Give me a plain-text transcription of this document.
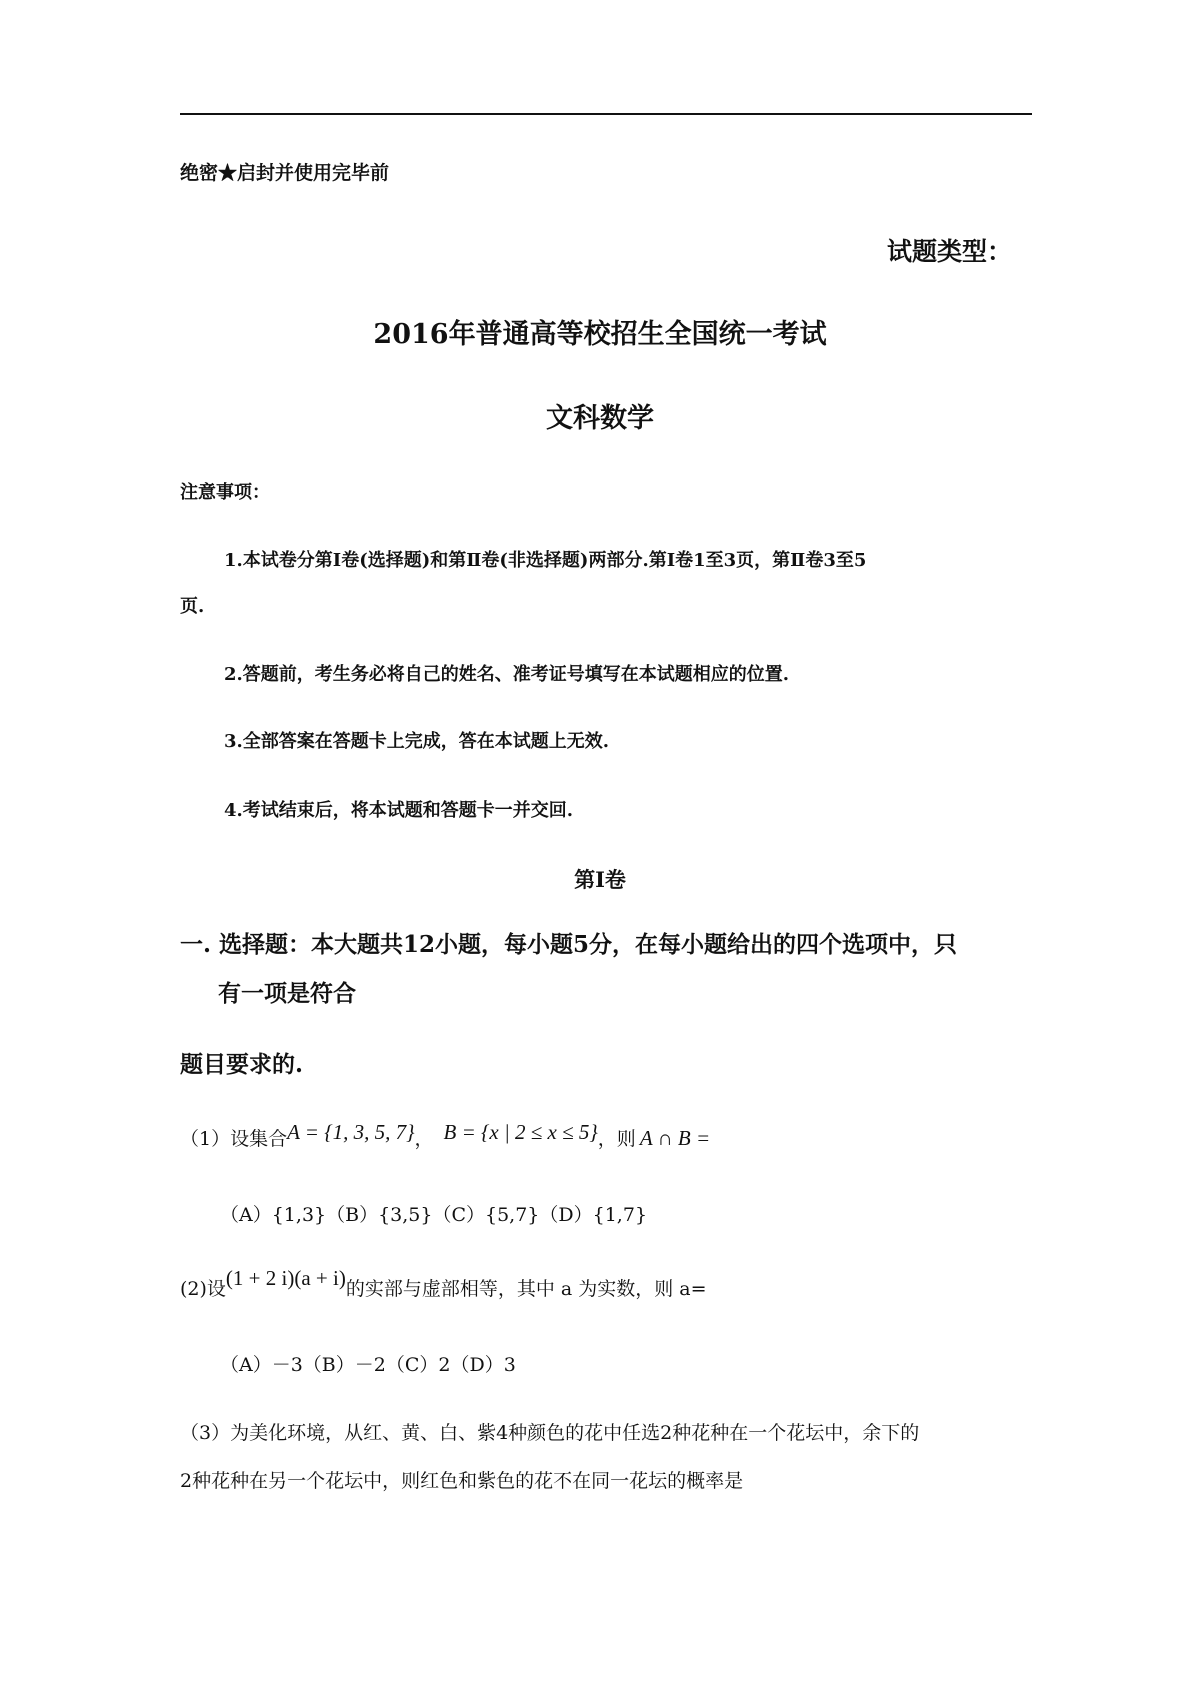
绝密★启封并使用完毕前
试题类型：
2016年普通高等校招生全国统一考试
文科数学
注意事项：
1.本试卷分第Ⅰ卷(选择题)和第Ⅱ卷(非选择题)两部分.第Ⅰ卷1至3页，第Ⅱ卷3至5
页.
2.答题前，考生务必将自己的姓名、准考证号填写在本试题相应的位置.
3.全部答案在答题卡上完成，答在本试题上无效.
4.考试结束后，将本试题和答题卡一并交回.
第Ⅰ卷
一. 选择题：本大题共12小题，每小题5分，在每小题给出的四个选项中，只
有一项是符合
题目要求的.
（1）设集合A = {1, 3, 5, 7}， B = {x | 2 ≤ x ≤ 5}，则 A ∩ B =
（A）{1,3}（B）{3,5}（C）{5,7}（D）{1,7}
(2)设(1 + 2 i)(a + i)的实部与虚部相等，其中 a 为实数，则 a=
（A）－3（B）－2（C）2（D）3
（3）为美化环境，从红、黄、白、紫4种颜色的花中任选2种花种在一个花坛中，余下的
2种花种在另一个花坛中，则红色和紫色的花不在同一花坛的概率是
